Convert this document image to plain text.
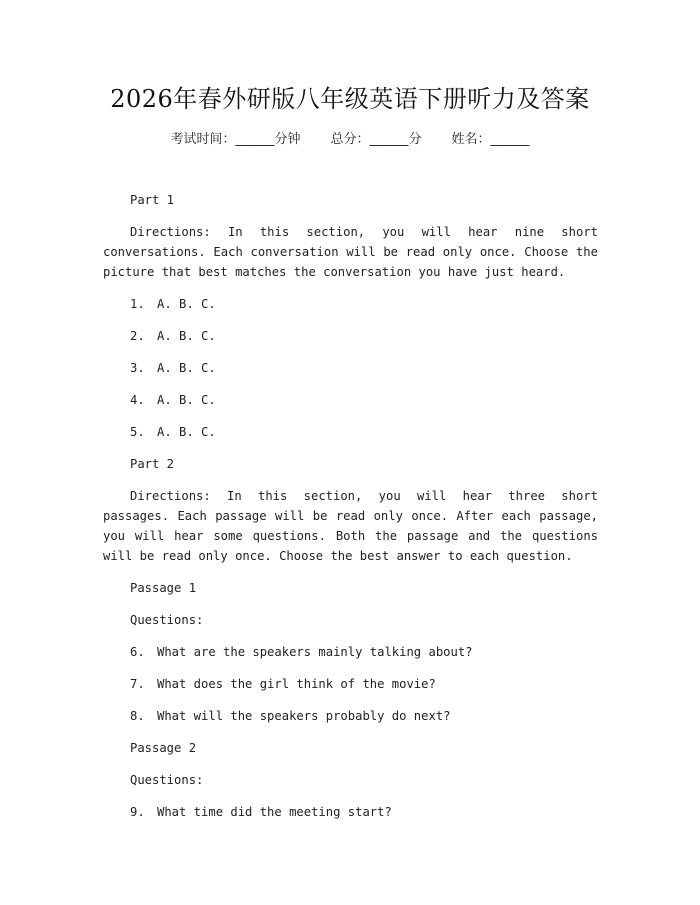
2026年春外研版八年级英语下册听力及答案
考试时间：______分钟 总分：______分 姓名：______

Part 1

Directions: In this section, you will hear nine short conversations. Each conversation will be read only once. Choose the picture that best matches the conversation you have just heard.

1. A. B. C.

2. A. B. C.

3. A. B. C.

4. A. B. C.

5. A. B. C.

Part 2

Directions: In this section, you will hear three short passages. Each passage will be read only once. After each passage, you will hear some questions. Both the passage and the questions will be read only once. Choose the best answer to each question.

Passage 1

Questions:

6. What are the speakers mainly talking about?

7. What does the girl think of the movie?

8. What will the speakers probably do next?

Passage 2

Questions:

9. What time did the meeting start?
